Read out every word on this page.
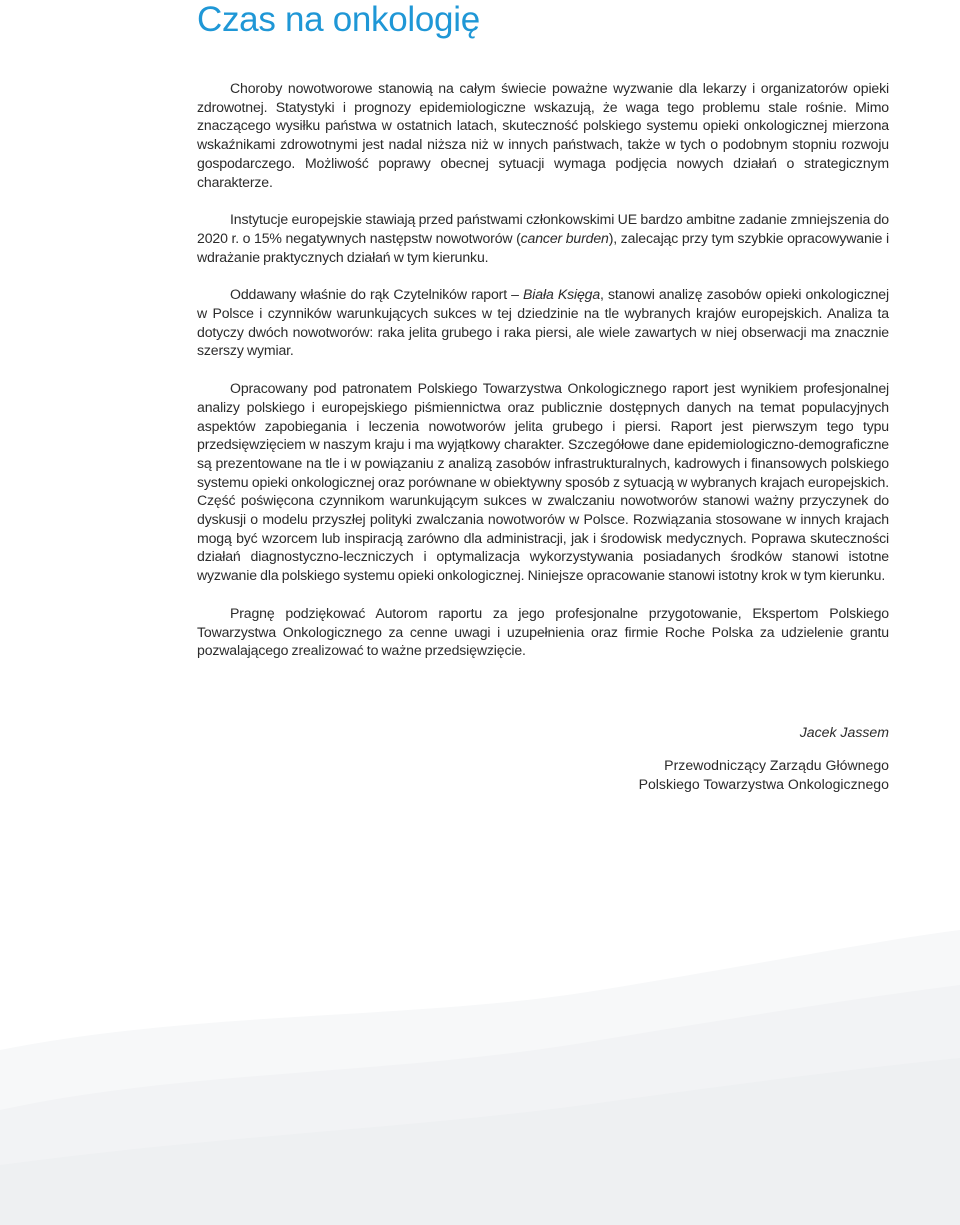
Czas na onkologię

Choroby nowotworowe stanowią na całym świecie poważne wyzwanie dla lekarzy i organizatorów opieki zdrowotnej. Statystyki i prognozy epidemiologiczne wskazują, że waga tego problemu stale rośnie. Mimo znaczącego wysiłku państwa w ostatnich latach, skuteczność polskiego systemu opieki onkologicznej mierzona wskaźnikami zdrowotnymi jest nadal niższa niż w innych państwach, także w tych o podobnym stopniu rozwoju gospodarczego. Możliwość poprawy obecnej sytuacji wymaga podjęcia nowych działań o strategicznym charakterze.

Instytucje europejskie stawiają przed państwami członkowskimi UE bardzo ambitne zadanie zmniejszenia do 2020 r. o 15% negatywnych następstw nowotworów (cancer burden), zalecając przy tym szybkie opracowywanie i wdrażanie praktycznych działań w tym kierunku.

Oddawany właśnie do rąk Czytelników raport – Biała Księga, stanowi analizę zasobów opieki onkologicznej w Polsce i czynników warunkujących sukces w tej dziedzinie na tle wybranych krajów europejskich. Analiza ta dotyczy dwóch nowotworów: raka jelita grubego i raka piersi, ale wiele zawartych w niej obserwacji ma znacznie szerszy wymiar.

Opracowany pod patronatem Polskiego Towarzystwa Onkologicznego raport jest wynikiem profesjonalnej analizy polskiego i europejskiego piśmiennictwa oraz publicznie dostępnych danych na temat populacyjnych aspektów zapobiegania i leczenia nowotworów jelita grubego i piersi. Raport jest pierwszym tego typu przedsięwzięciem w naszym kraju i ma wyjątkowy charakter. Szczegółowe dane epidemiologiczno-demograficzne są prezentowane na tle i w powiązaniu z analizą zasobów infrastrukturalnych, kadrowych i finansowych polskiego systemu opieki onkologicznej oraz porównane w obiektywny sposób z sytuacją w wybranych krajach europejskich. Część poświęcona czynnikom warunkującym sukces w zwalczaniu nowotworów stanowi ważny przyczynek do dyskusji o modelu przyszłej polityki zwalczania nowotworów w Polsce. Rozwiązania stosowane w innych krajach mogą być wzorcem lub inspiracją zarówno dla administracji, jak i środowisk medycznych. Poprawa skuteczności działań diagnostyczno-leczniczych i optymalizacja wykorzystywania posiadanych środków stanowi istotne wyzwanie dla polskiego systemu opieki onkologicznej. Niniejsze opracowanie stanowi istotny krok w tym kierunku.

Pragnę podziękować Autorom raportu za jego profesjonalne przygotowanie, Ekspertom Polskiego Towarzystwa Onkologicznego za cenne uwagi i uzupełnienia oraz firmie Roche Polska za udzielenie grantu pozwalającego zrealizować to ważne przedsięwzięcie.

Jacek Jassem
Przewodniczący Zarządu Głównego
Polskiego Towarzystwa Onkologicznego
